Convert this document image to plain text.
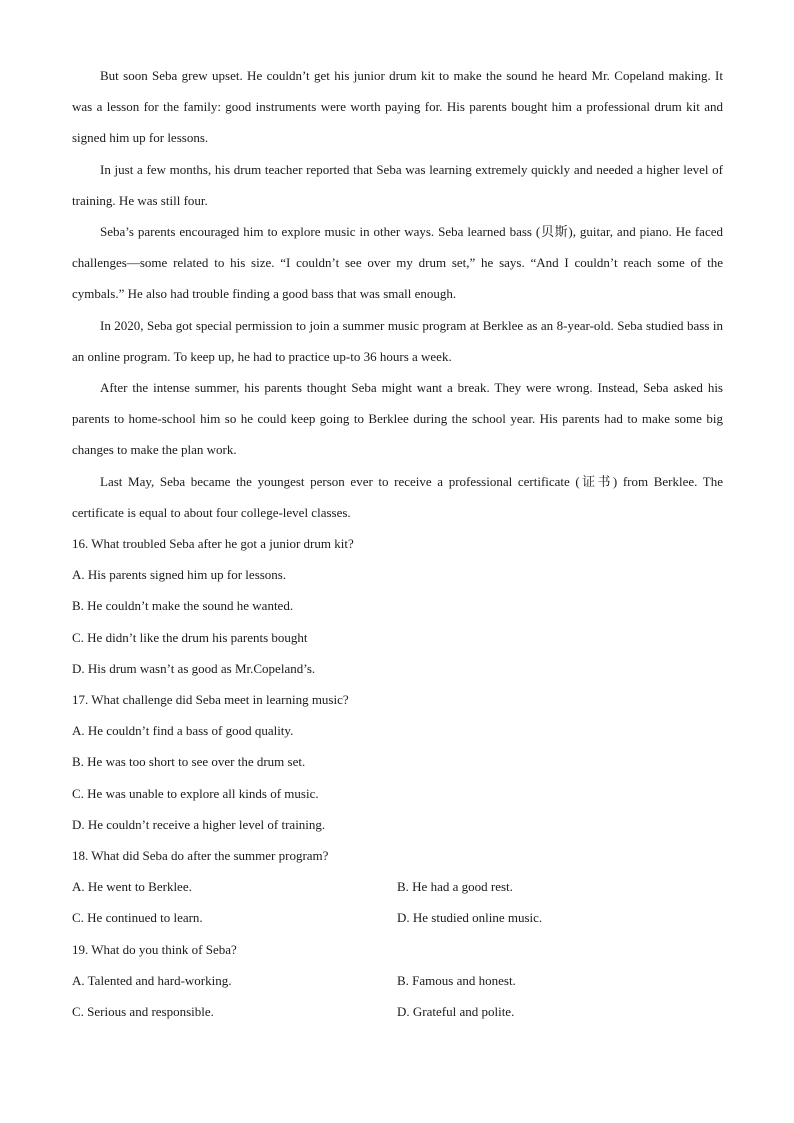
But soon Seba grew upset. He couldn’t get his junior drum kit to make the sound he heard Mr. Copeland making. It was a lesson for the family: good instruments were worth paying for. His parents bought him a professional drum kit and signed him up for lessons.

In just a few months, his drum teacher reported that Seba was learning extremely quickly and needed a higher level of training. He was still four.

Seba’s parents encouraged him to explore music in other ways. Seba learned bass (贝斯), guitar, and piano. He faced challenges—some related to his size. “I couldn’t see over my drum set,” he says. “And I couldn’t reach some of the cymbals.” He also had trouble finding a good bass that was small enough.

In 2020, Seba got special permission to join a summer music program at Berklee as an 8-year-old. Seba studied bass in an online program. To keep up, he had to practice up-to 36 hours a week.

After the intense summer, his parents thought Seba might want a break. They were wrong. Instead, Seba asked his parents to home-school him so he could keep going to Berklee during the school year. His parents had to make some big changes to make the plan work.

Last May, Seba became the youngest person ever to receive a professional certificate (证书) from Berklee. The certificate is equal to about four college-level classes.

16. What troubled Seba after he got a junior drum kit?

A. His parents signed him up for lessons.

B. He couldn’t make the sound he wanted.

C. He didn’t like the drum his parents bought

D. His drum wasn’t as good as Mr.Copeland’s.

17. What challenge did Seba meet in learning music?

A. He couldn’t find a bass of good quality.

B. He was too short to see over the drum set.

C. He was unable to explore all kinds of music.

D. He couldn’t receive a higher level of training.

18. What did Seba do after the summer program?

A. He went to Berklee.	B. He had a good rest.

C. He continued to learn.	D. He studied online music.

19. What do you think of Seba?

A. Talented and hard-working.	B. Famous and honest.

C. Serious and responsible.	D. Grateful and polite.
